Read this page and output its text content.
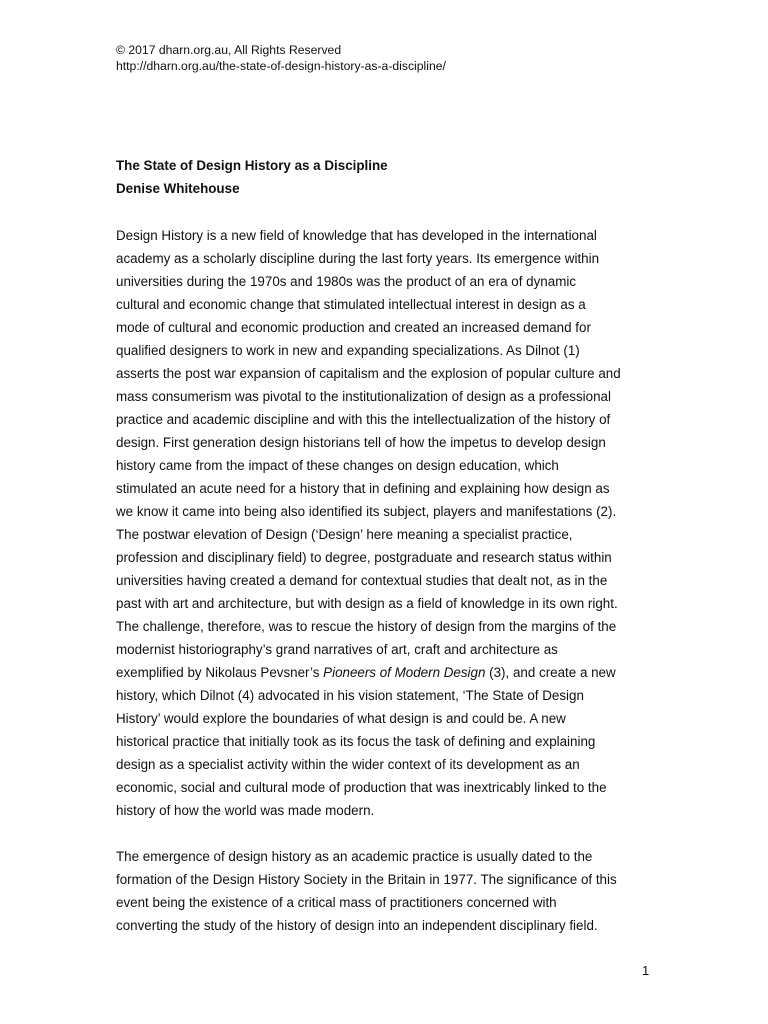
© 2017 dharn.org.au, All Rights Reserved
http://dharn.org.au/the-state-of-design-history-as-a-discipline/
The State of Design History as a Discipline
Denise Whitehouse
Design History is a new field of knowledge that has developed in the international
academy as a scholarly discipline during the last forty years. Its emergence within
universities during the 1970s and 1980s was the product of an era of dynamic
cultural and economic change that stimulated intellectual interest in design as a
mode of cultural and economic production and created an increased demand for
qualified designers to work in new and expanding specializations. As Dilnot (1)
asserts the post war expansion of capitalism and the explosion of popular culture and
mass consumerism was pivotal to the institutionalization of design as a professional
practice and academic discipline and with this the intellectualization of the history of
design. First generation design historians tell of how the impetus to develop design
history came from the impact of these changes on design education, which
stimulated an acute need for a history that in defining and explaining how design as
we know it came into being also identified its subject, players and manifestations (2).
The postwar elevation of Design (‘Design’ here meaning a specialist practice,
profession and disciplinary field) to degree, postgraduate and research status within
universities having created a demand for contextual studies that dealt not, as in the
past with art and architecture, but with design as a field of knowledge in its own right.
The challenge, therefore, was to rescue the history of design from the margins of the
modernist historiography’s grand narratives of art, craft and architecture as
exemplified by Nikolaus Pevsner’s Pioneers of Modern Design (3), and create a new
history, which Dilnot (4) advocated in his vision statement, ‘The State of Design
History’ would explore the boundaries of what design is and could be. A new
historical practice that initially took as its focus the task of defining and explaining
design as a specialist activity within the wider context of its development as an
economic, social and cultural mode of production that was inextricably linked to the
history of how the world was made modern.
The emergence of design history as an academic practice is usually dated to the
formation of the Design History Society in the Britain in 1977. The significance of this
event being the existence of a critical mass of practitioners concerned with
converting the study of the history of design into an independent disciplinary field.
1
